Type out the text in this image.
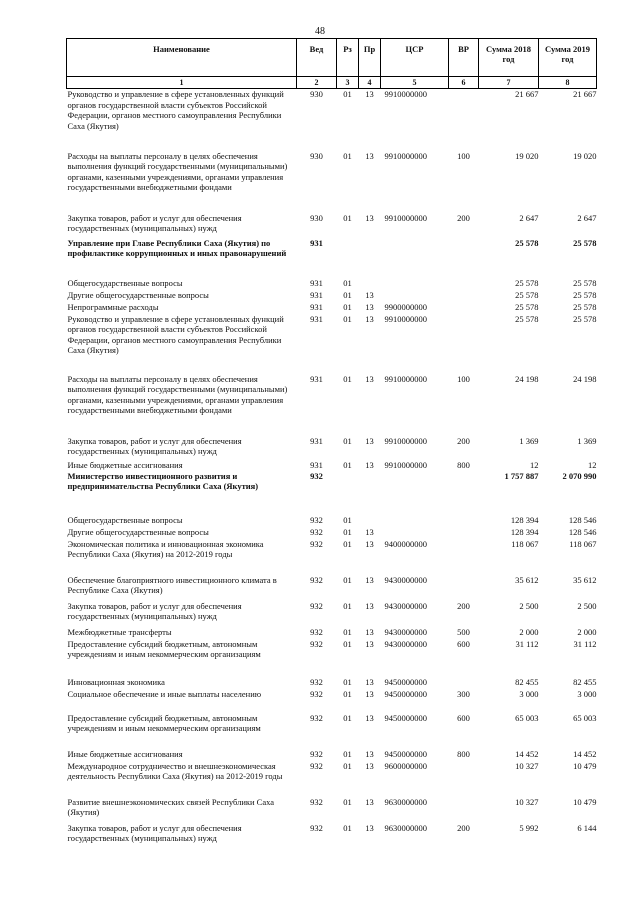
48
Наименование	Вед	Рз	Пр	ЦСР	ВР	Сумма 2018 год	Сумма 2019 год
1	2	3	4	5	6	7	8
Руководство и управление в сфере установленных функций органов государственной власти субъектов Российской Федерации, органов местного самоуправления Республики Саха (Якутия)	930	01	13	9910000000		21 667	21 667
Расходы на выплаты персоналу в целях обеспечения выполнения функций государственными (муниципальными) органами, казенными учреждениями, органами управления государственными внебюджетными фондами	930	01	13	9910000000	100	19 020	19 020
Закупка товаров, работ и услуг для обеспечения государственных (муниципальных) нужд	930	01	13	9910000000	200	2 647	2 647
Управление при Главе Республики Саха (Якутия) по профилактике коррупционных и иных правонарушений	931					25 578	25 578
Общегосударственные вопросы	931	01				25 578	25 578
Другие общегосударственные вопросы	931	01	13			25 578	25 578
Непрограммные расходы	931	01	13	9900000000		25 578	25 578
Руководство и управление в сфере установленных функций органов государственной власти субъектов Российской Федерации, органов местного самоуправления Республики Саха (Якутия)	931	01	13	9910000000		25 578	25 578
Расходы на выплаты персоналу в целях обеспечения выполнения функций государственными (муниципальными) органами, казенными учреждениями, органами управления государственными внебюджетными фондами	931	01	13	9910000000	100	24 198	24 198
Закупка товаров, работ и услуг для обеспечения государственных (муниципальных) нужд	931	01	13	9910000000	200	1 369	1 369
Иные бюджетные ассигнования	931	01	13	9910000000	800	12	12
Министерство инвестиционного развития и предпринимательства Республики Саха (Якутия)	932					1 757 887	2 070 990
Общегосударственные вопросы	932	01				128 394	128 546
Другие общегосударственные вопросы	932	01	13			128 394	128 546
Экономическая политика и инновационная экономика Республики Саха (Якутия) на 2012-2019 годы	932	01	13	9400000000		118 067	118 067
Обеспечение благоприятного инвестиционного климата в Республике Саха (Якутия)	932	01	13	9430000000		35 612	35 612
Закупка товаров, работ и услуг для обеспечения государственных (муниципальных) нужд	932	01	13	9430000000	200	2 500	2 500
Межбюджетные трансферты	932	01	13	9430000000	500	2 000	2 000
Предоставление субсидий бюджетным, автономным учреждениям и иным некоммерческим организациям	932	01	13	9430000000	600	31 112	31 112
Инновационная экономика	932	01	13	9450000000		82 455	82 455
Социальное обеспечение и иные выплаты населению	932	01	13	9450000000	300	3 000	3 000
Предоставление субсидий бюджетным, автономным учреждениям и иным некоммерческим организациям	932	01	13	9450000000	600	65 003	65 003
Иные бюджетные ассигнования	932	01	13	9450000000	800	14 452	14 452
Международное сотрудничество и внешнеэкономическая деятельность Республики Саха (Якутия) на 2012-2019 годы	932	01	13	9600000000		10 327	10 479
Развитие внешнеэкономических связей Республики Саха (Якутия)	932	01	13	9630000000		10 327	10 479
Закупка товаров, работ и услуг для обеспечения государственных (муниципальных) нужд	932	01	13	9630000000	200	5 992	6 144
